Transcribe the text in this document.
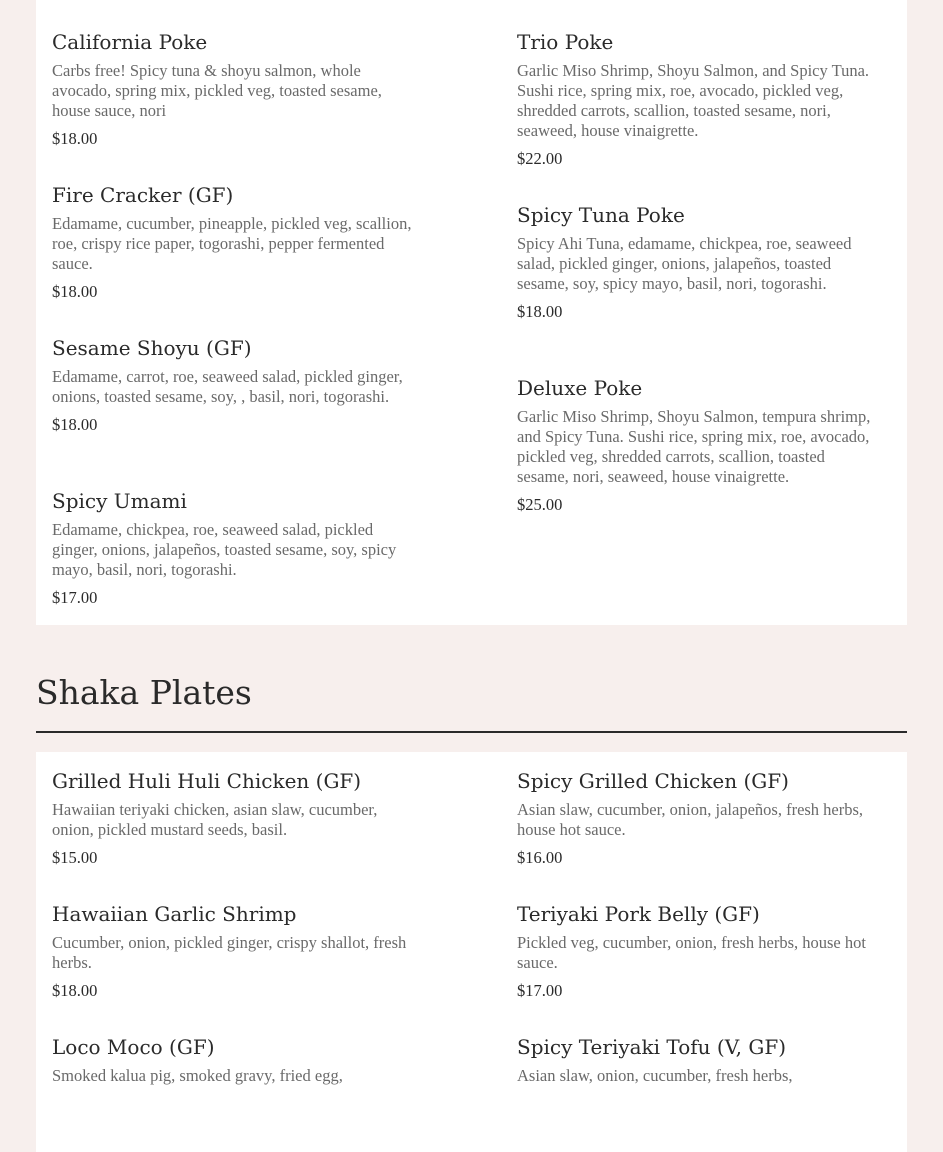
California Poke
Carbs free! Spicy tuna & shoyu salmon, whole avocado, spring mix, pickled veg, toasted sesame, house sauce, nori
$18.00
Fire Cracker (GF)
Edamame, cucumber, pineapple, pickled veg, scallion, roe, crispy rice paper, togorashi, pepper fermented sauce.
$18.00
Sesame Shoyu (GF)
Edamame, carrot, roe, seaweed salad, pickled ginger, onions, toasted sesame, soy, , basil, nori, togorashi.
$18.00
Spicy Umami
Edamame, chickpea, roe, seaweed salad, pickled ginger, onions, jalapeños, toasted sesame, soy, spicy mayo, basil, nori, togorashi.
$17.00
Trio Poke
Garlic Miso Shrimp, Shoyu Salmon, and Spicy Tuna. Sushi rice, spring mix, roe, avocado, pickled veg, shredded carrots, scallion, toasted sesame, nori, seaweed, house vinaigrette.
$22.00
Spicy Tuna Poke
Spicy Ahi Tuna, edamame, chickpea, roe, seaweed salad, pickled ginger, onions, jalapeños, toasted sesame, soy, spicy mayo, basil, nori, togorashi.
$18.00
Deluxe Poke
Garlic Miso Shrimp, Shoyu Salmon, tempura shrimp, and Spicy Tuna. Sushi rice, spring mix, roe, avocado, pickled veg, shredded carrots, scallion, toasted sesame, nori, seaweed, house vinaigrette.
$25.00
Shaka Plates
Grilled Huli Huli Chicken (GF)
Hawaiian teriyaki chicken, asian slaw, cucumber, onion, pickled mustard seeds, basil.
$15.00
Hawaiian Garlic Shrimp
Cucumber, onion, pickled ginger, crispy shallot, fresh herbs.
$18.00
Loco Moco (GF)
Smoked kalua pig, smoked gravy, fried egg,
Spicy Grilled Chicken (GF)
Asian slaw, cucumber, onion, jalapeños, fresh herbs, house hot sauce.
$16.00
Teriyaki Pork Belly (GF)
Pickled veg, cucumber, onion, fresh herbs, house hot sauce.
$17.00
Spicy Teriyaki Tofu (V, GF)
Asian slaw, onion, cucumber, fresh herbs,
